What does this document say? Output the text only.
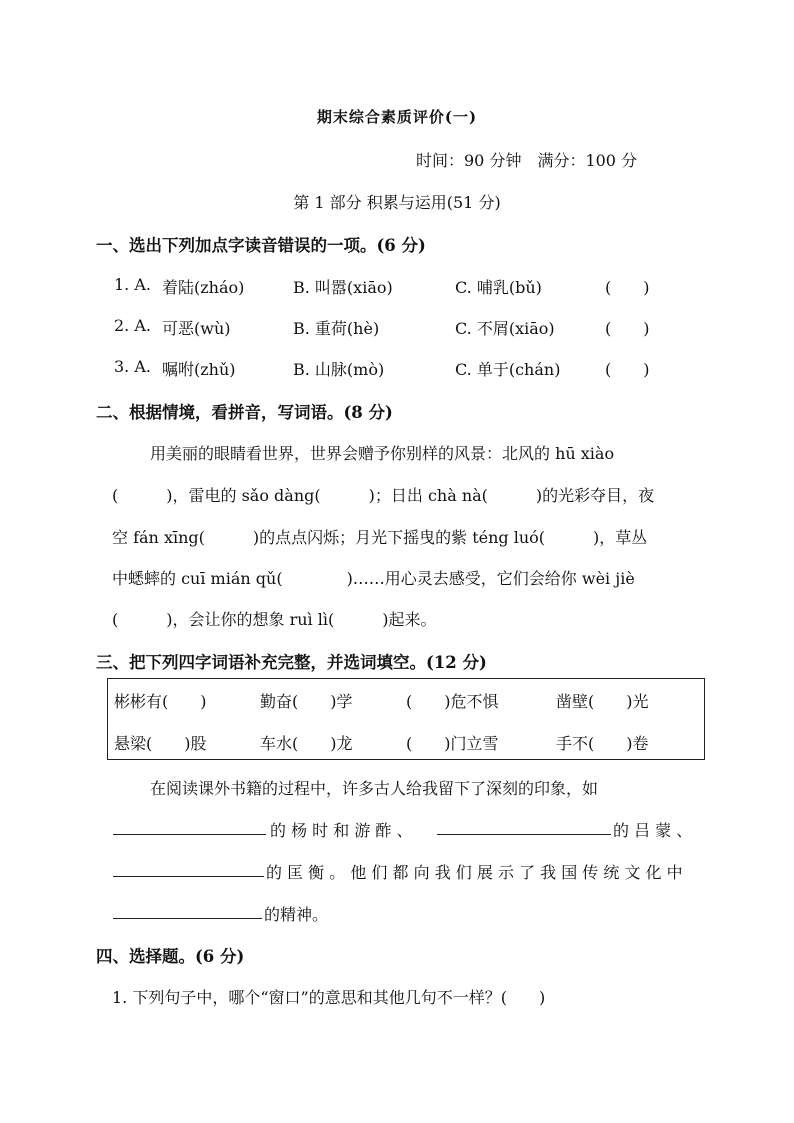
期末综合素质评价(一)
时间：90 分钟　满分：100 分
第 1 部分 积累与运用(51 分)
一、选出下列加点字读音错误的一项。(6 分)
1. A. 着陆(zháo)	B. 叫嚣(xiāo)	C. 哺乳(bǔ)	(　　)
2. A. 可恶(wù)	B. 重荷(hè)	C. 不屑(xiāo)	(　　)
3. A. 嘱咐(zhǔ)	B. 山脉(mò)	C. 单于(chán)	(　　)
二、根据情境，看拼音，写词语。(8 分)
用美丽的眼睛看世界，世界会赠予你别样的风景：北风的 hū xiào
(　　　)，雷电的 sǎo dàng(　　　)；日出 chà nà(　　　)的光彩夺目，夜
空 fán xīng(　　　)的点点闪烁；月光下摇曳的紫 téng luó(　　　)，草丛
中蟋蟀的 cuī mián qǔ(　　　　)……用心灵去感受，它们会给你 wèi jiè
(　　　)，会让你的想象 ruì lì(　　　)起来。
三、把下列四字词语补充完整，并选词填空。(12 分)
彬彬有(　　)	勤奋(　　)学	(　　)危不惧	凿壁(　　)光
悬梁(　　)股	车水(　　)龙	(　　)门立雪	手不(　　)卷
在阅读课外书籍的过程中，许多古人给我留下了深刻的印象，如
的 杨 时 和 游 酢 、	的 吕 蒙 、
的 匡 衡 。 他 们 都 向 我 们 展 示 了 我 国 传 统 文 化 中
的精神。
四、选择题。(6 分)
1. 下列句子中，哪个“窗口”的意思和其他几句不一样？(　　)
